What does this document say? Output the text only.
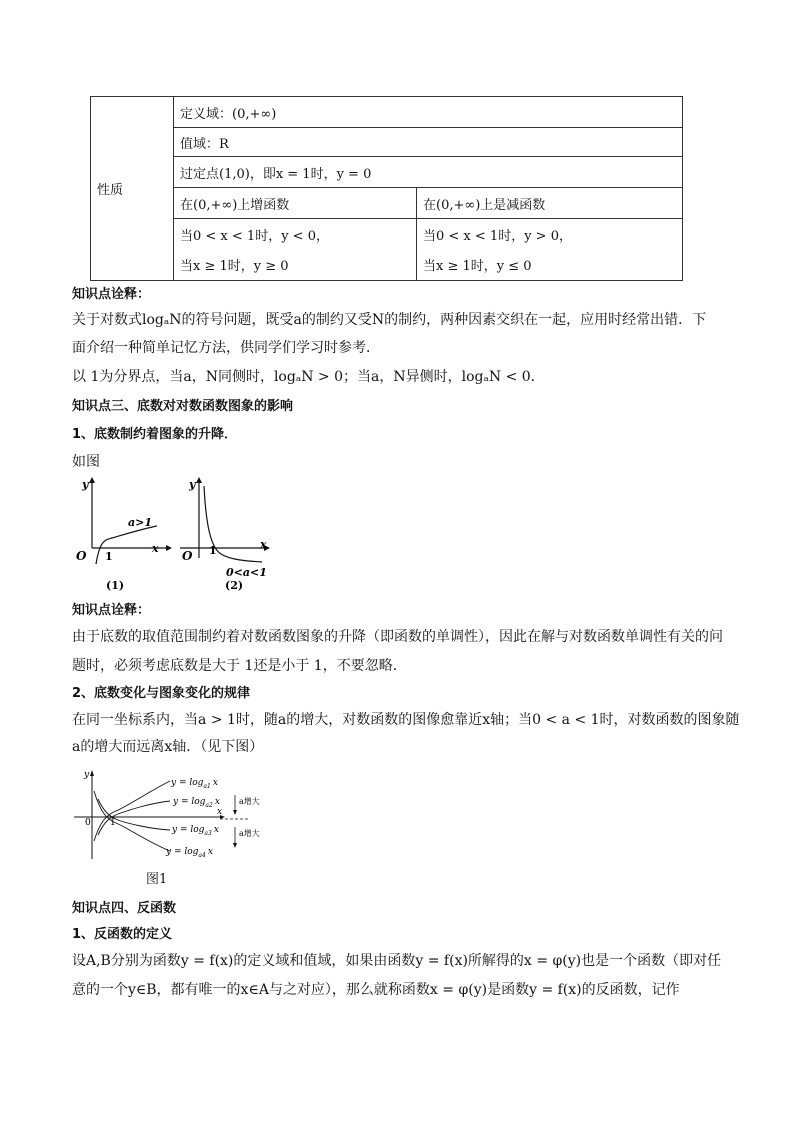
性质	定义域：(0,+∞)	
	值域：R	
	过定点(1,0)，即x = 1时，y = 0	
	在(0,+∞)上增函数	在(0,+∞)上是减函数
	当0 < x < 1时，y < 0，	当0 < x < 1时，y > 0，
	当x ≥ 1时，y ≥ 0	当x ≥ 1时，y ≤ 0
知识点诠释：
关于对数式logₐN的符号问题，既受a的制约又受N的制约，两种因素交织在一起，应用时经常出错．下
面介绍一种简单记忆方法，供同学们学习时参考．
以 1为分界点，当a，N同侧时，logₐN > 0；当a，N异侧时，logₐN < 0．
知识点三、底数对对数函数图象的影响
1、底数制约着图象的升降．
如图
y
x
O 1
a>1
(1)
y
x
O 1
0<a<1
(2)
知识点诠释：
由于底数的取值范围制约着对数函数图象的升降（即函数的单调性），因此在解与对数函数单调性有关的问
题时，必须考虑底数是大于 1还是小于 1，不要忽略．
2、底数变化与图象变化的规律
在同一坐标系内，当a > 1时，随a的增大，对数函数的图像愈靠近x轴；当0 < a < 1时，对数函数的图象随
a的增大而远离x轴．（见下图）
y
x
0 1
$y = \log_{a1} x$
$y = \log_{a2} x$
$y = \log_{a3} x$
$y = \log_{a4} x$
a增大
a增大
图1
知识点四、反函数
1、反函数的定义
设A,B分别为函数y = f(x)的定义域和值域，如果由函数y = f(x)所解得的x = φ(y)也是一个函数（即对任
意的一个y∈B，都有唯一的x∈A与之对应），那么就称函数x = φ(y)是函数y = f(x)的反函数，记作
